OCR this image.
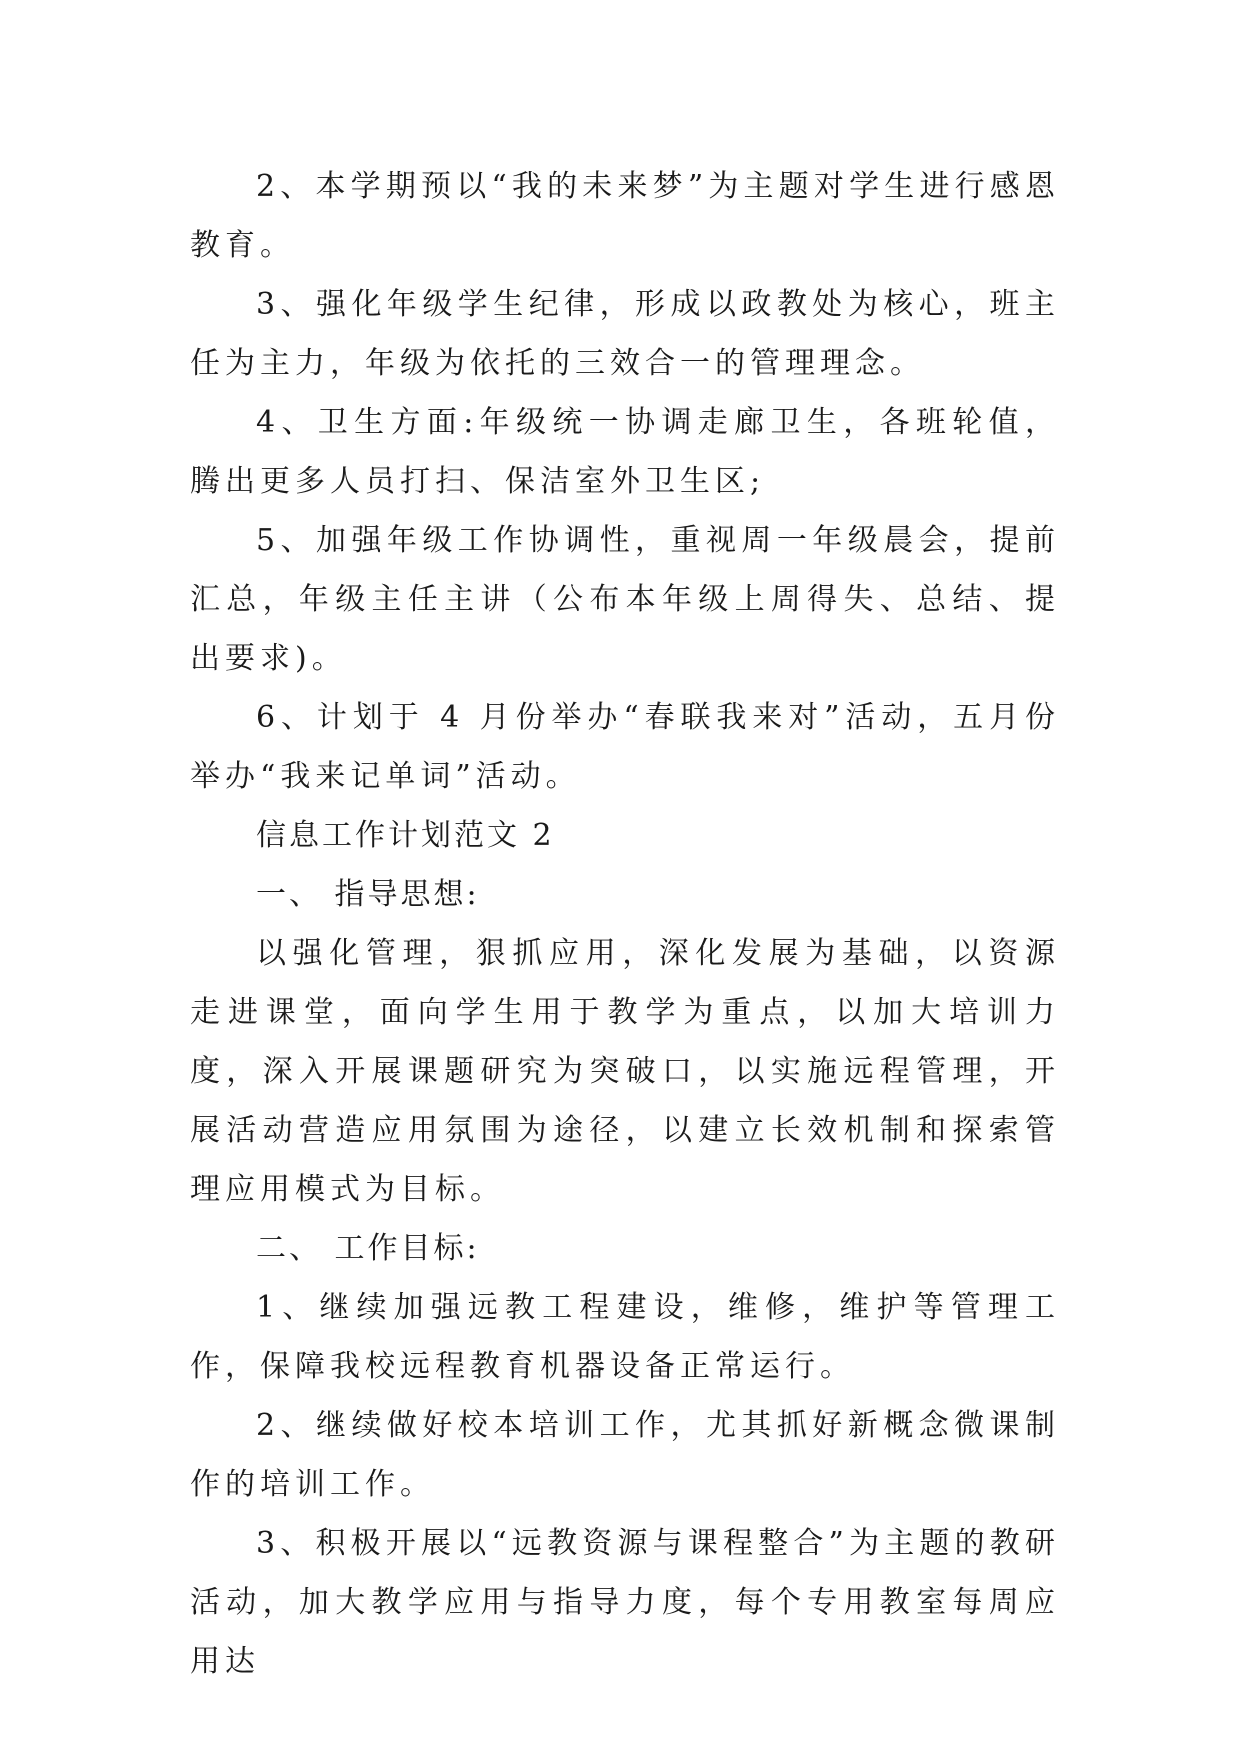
2、本学期预以“我的未来梦”为主题对学生进行感恩教育。

3、强化年级学生纪律，形成以政教处为核心，班主任为主力，年级为依托的三效合一的管理理念。

4、卫生方面:年级统一协调走廊卫生，各班轮值，腾出更多人员打扫、保洁室外卫生区;

5、加强年级工作协调性，重视周一年级晨会，提前汇总，年级主任主讲（公布本年级上周得失、总结、提出要求)。

6、计划于 4 月份举办“春联我来对”活动，五月份举办“我来记单词”活动。

信息工作计划范文 2

一、 指导思想:

以强化管理，狠抓应用，深化发展为基础，以资源走进课堂，面向学生用于教学为重点，以加大培训力度，深入开展课题研究为突破口，以实施远程管理，开展活动营造应用氛围为途径，以建立长效机制和探索管理应用模式为目标。

二、 工作目标:

1、继续加强远教工程建设，维修，维护等管理工作，保障我校远程教育机器设备正常运行。

2、继续做好校本培训工作，尤其抓好新概念微课制作的培训工作。

3、积极开展以“远教资源与课程整合”为主题的教研活动，加大教学应用与指导力度，每个专用教室每周应用达
